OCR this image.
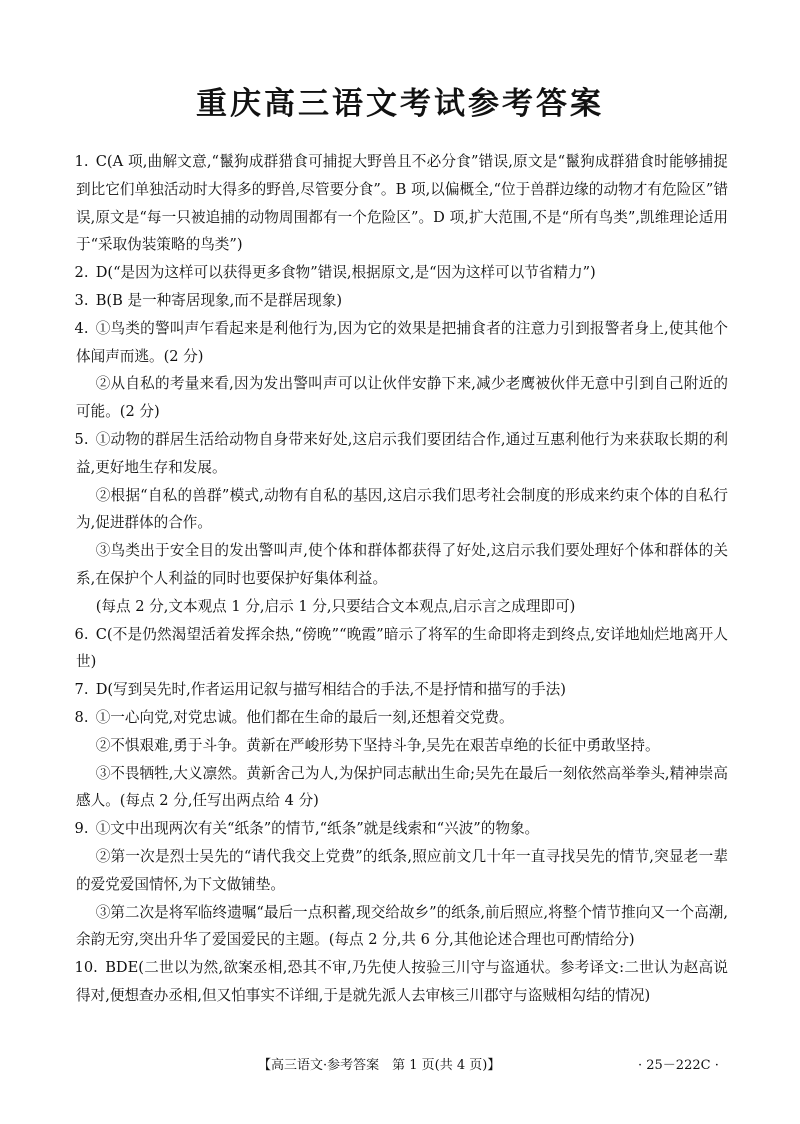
重庆高三语文考试参考答案
1. C(A 项,曲解文意,“鬣狗成群猎食可捕捉大野兽且不必分食”错误,原文是“鬣狗成群猎食时能够捕捉到比它们单独活动时大得多的野兽,尽管要分食”。B 项,以偏概全,“位于兽群边缘的动物才有危险区”错误,原文是“每一只被追捕的动物周围都有一个危险区”。D 项,扩大范围,不是“所有鸟类”,凯维理论适用于“采取伪装策略的鸟类”)
2. D(“是因为这样可以获得更多食物”错误,根据原文,是“因为这样可以节省精力”)
3. B(B 是一种寄居现象,而不是群居现象)
4. ①鸟类的警叫声乍看起来是利他行为,因为它的效果是把捕食者的注意力引到报警者身上,使其他个体闻声而逃。(2 分)
②从自私的考量来看,因为发出警叫声可以让伙伴安静下来,减少老鹰被伙伴无意中引到自己附近的可能。(2 分)
5. ①动物的群居生活给动物自身带来好处,这启示我们要团结合作,通过互惠利他行为来获取长期的利益,更好地生存和发展。
②根据“自私的兽群”模式,动物有自私的基因,这启示我们思考社会制度的形成来约束个体的自私行为,促进群体的合作。
③鸟类出于安全目的发出警叫声,使个体和群体都获得了好处,这启示我们要处理好个体和群体的关系,在保护个人利益的同时也要保护好集体利益。
(每点 2 分,文本观点 1 分,启示 1 分,只要结合文本观点,启示言之成理即可)
6. C(不是仍然渴望活着发挥余热,“傍晚”“晚霞”暗示了将军的生命即将走到终点,安详地灿烂地离开人世)
7. D(写到吴先时,作者运用记叙与描写相结合的手法,不是抒情和描写的手法)
8. ①一心向党,对党忠诚。他们都在生命的最后一刻,还想着交党费。
②不惧艰难,勇于斗争。黄新在严峻形势下坚持斗争,吴先在艰苦卓绝的长征中勇敢坚持。
③不畏牺牲,大义凛然。黄新舍己为人,为保护同志献出生命;吴先在最后一刻依然高举拳头,精神崇高感人。(每点 2 分,任写出两点给 4 分)
9. ①文中出现两次有关“纸条”的情节,“纸条”就是线索和“兴波”的物象。
②第一次是烈士吴先的“请代我交上党费”的纸条,照应前文几十年一直寻找吴先的情节,突显老一辈的爱党爱国情怀,为下文做铺垫。
③第二次是将军临终遗嘱“最后一点积蓄,现交给故乡”的纸条,前后照应,将整个情节推向又一个高潮,余韵无穷,突出升华了爱国爱民的主题。(每点 2 分,共 6 分,其他论述合理也可酌情给分)
10. BDE(二世以为然,欲案丞相,恐其不审,乃先使人按验三川守与盗通状。参考译文:二世认为赵高说得对,便想查办丞相,但又怕事实不详细,于是就先派人去审核三川郡守与盗贼相勾结的情况)
【高三语文·参考答案　第 1 页(共 4 页)】	· 25－222C ·
